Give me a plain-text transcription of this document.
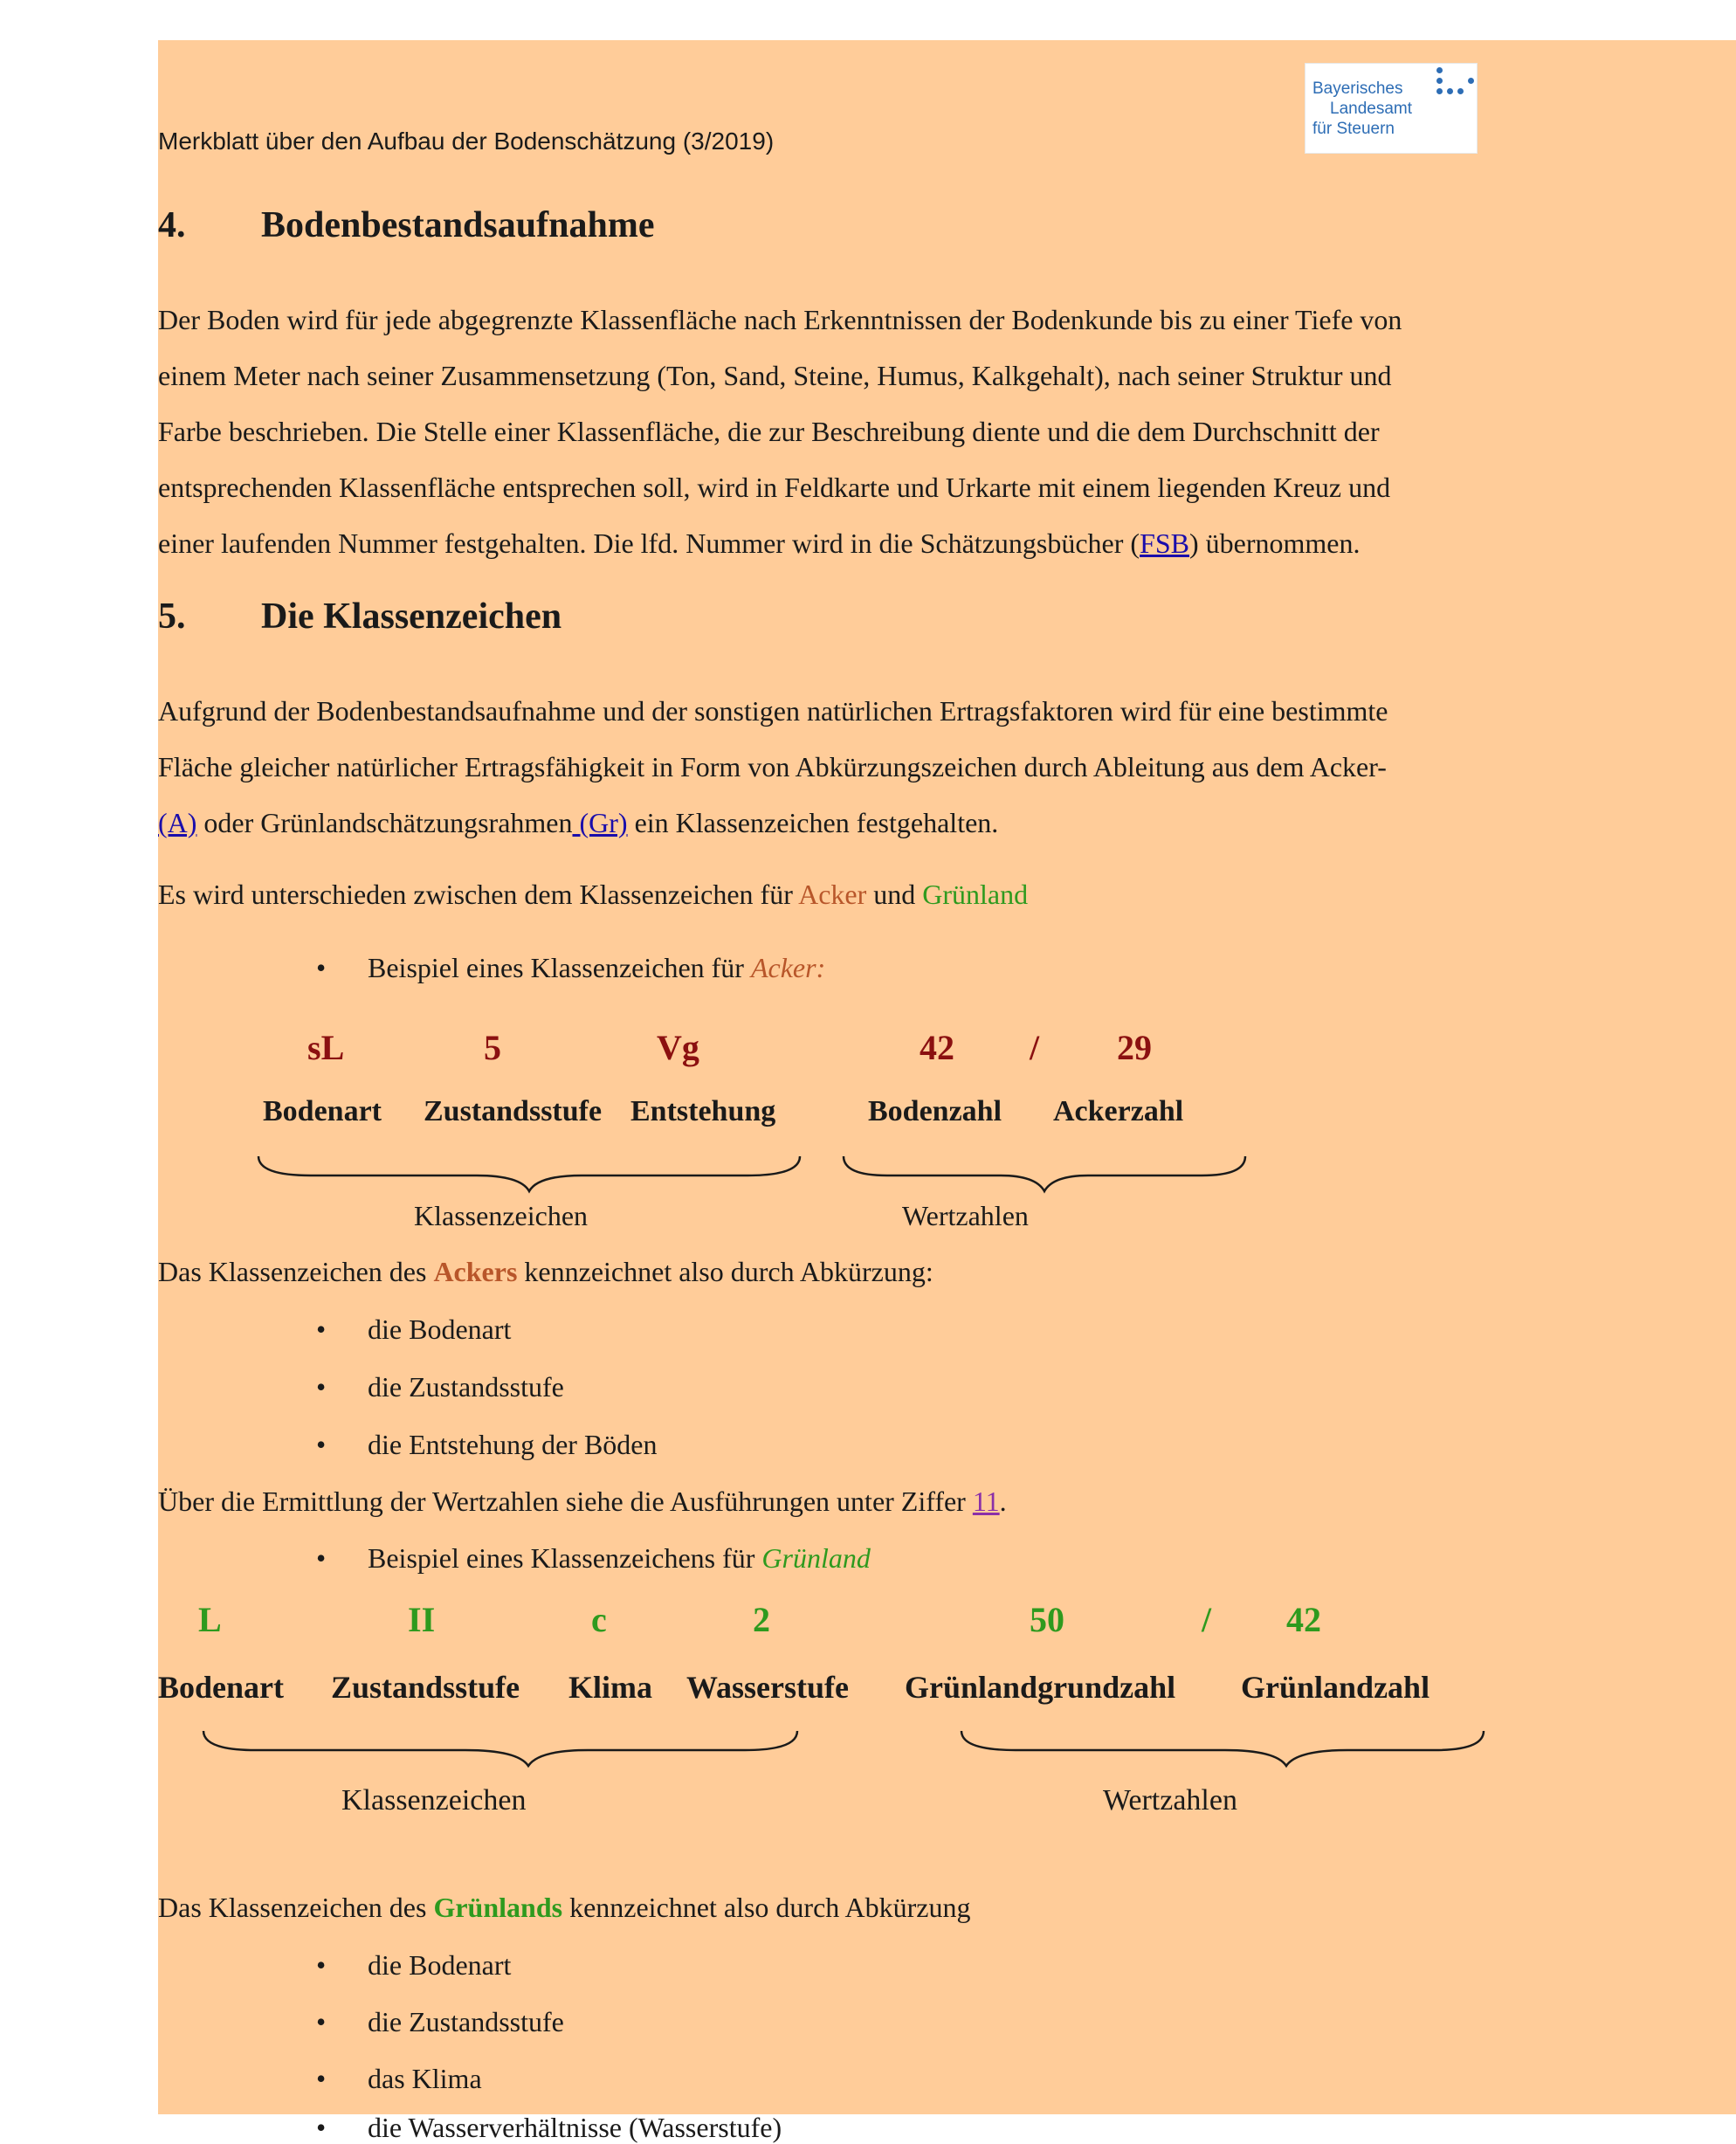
Merkblatt über den Aufbau der Bodenschätzung (3/2019)
Bayerisches
Landesamt
für Steuern
4. Bodenbestandsaufnahme
Der Boden wird für jede abgegrenzte Klassenfläche nach Erkenntnissen der Bodenkunde bis zu einer Tiefe von
einem Meter nach seiner Zusammensetzung (Ton, Sand, Steine, Humus, Kalkgehalt), nach seiner Struktur und
Farbe beschrieben. Die Stelle einer Klassenfläche, die zur Beschreibung diente und die dem Durchschnitt der
entsprechenden Klassenfläche entsprechen soll, wird in Feldkarte und Urkarte mit einem liegenden Kreuz und
einer laufenden Nummer festgehalten. Die lfd. Nummer wird in die Schätzungsbücher (FSB) übernommen.
5. Die Klassenzeichen
Aufgrund der Bodenbestandsaufnahme und der sonstigen natürlichen Ertragsfaktoren wird für eine bestimmte
Fläche gleicher natürlicher Ertragsfähigkeit in Form von Abkürzungszeichen durch Ableitung aus dem Acker-
(A) oder Grünlandschätzungsrahmen (Gr) ein Klassenzeichen festgehalten.
Es wird unterschieden zwischen dem Klassenzeichen für Acker und Grünland
• Beispiel eines Klassenzeichen für Acker:
sL	5	Vg	42 / 29
Bodenart Zustandsstufe Entstehung	Bodenzahl Ackerzahl
Klassenzeichen	Wertzahlen
Das Klassenzeichen des Ackers kennzeichnet also durch Abkürzung:
• die Bodenart
• die Zustandsstufe
• die Entstehung der Böden
Über die Ermittlung der Wertzahlen siehe die Ausführungen unter Ziffer 11.
• Beispiel eines Klassenzeichens für Grünland
L	II	c	2	50	/ 42
Bodenart Zustandsstufe Klima Wasserstufe Grünlandgrundzahl Grünlandzahl
Klassenzeichen	Wertzahlen
Das Klassenzeichen des Grünlands kennzeichnet also durch Abkürzung
• die Bodenart
• die Zustandsstufe
• das Klima
• die Wasserverhältnisse (Wasserstufe)
